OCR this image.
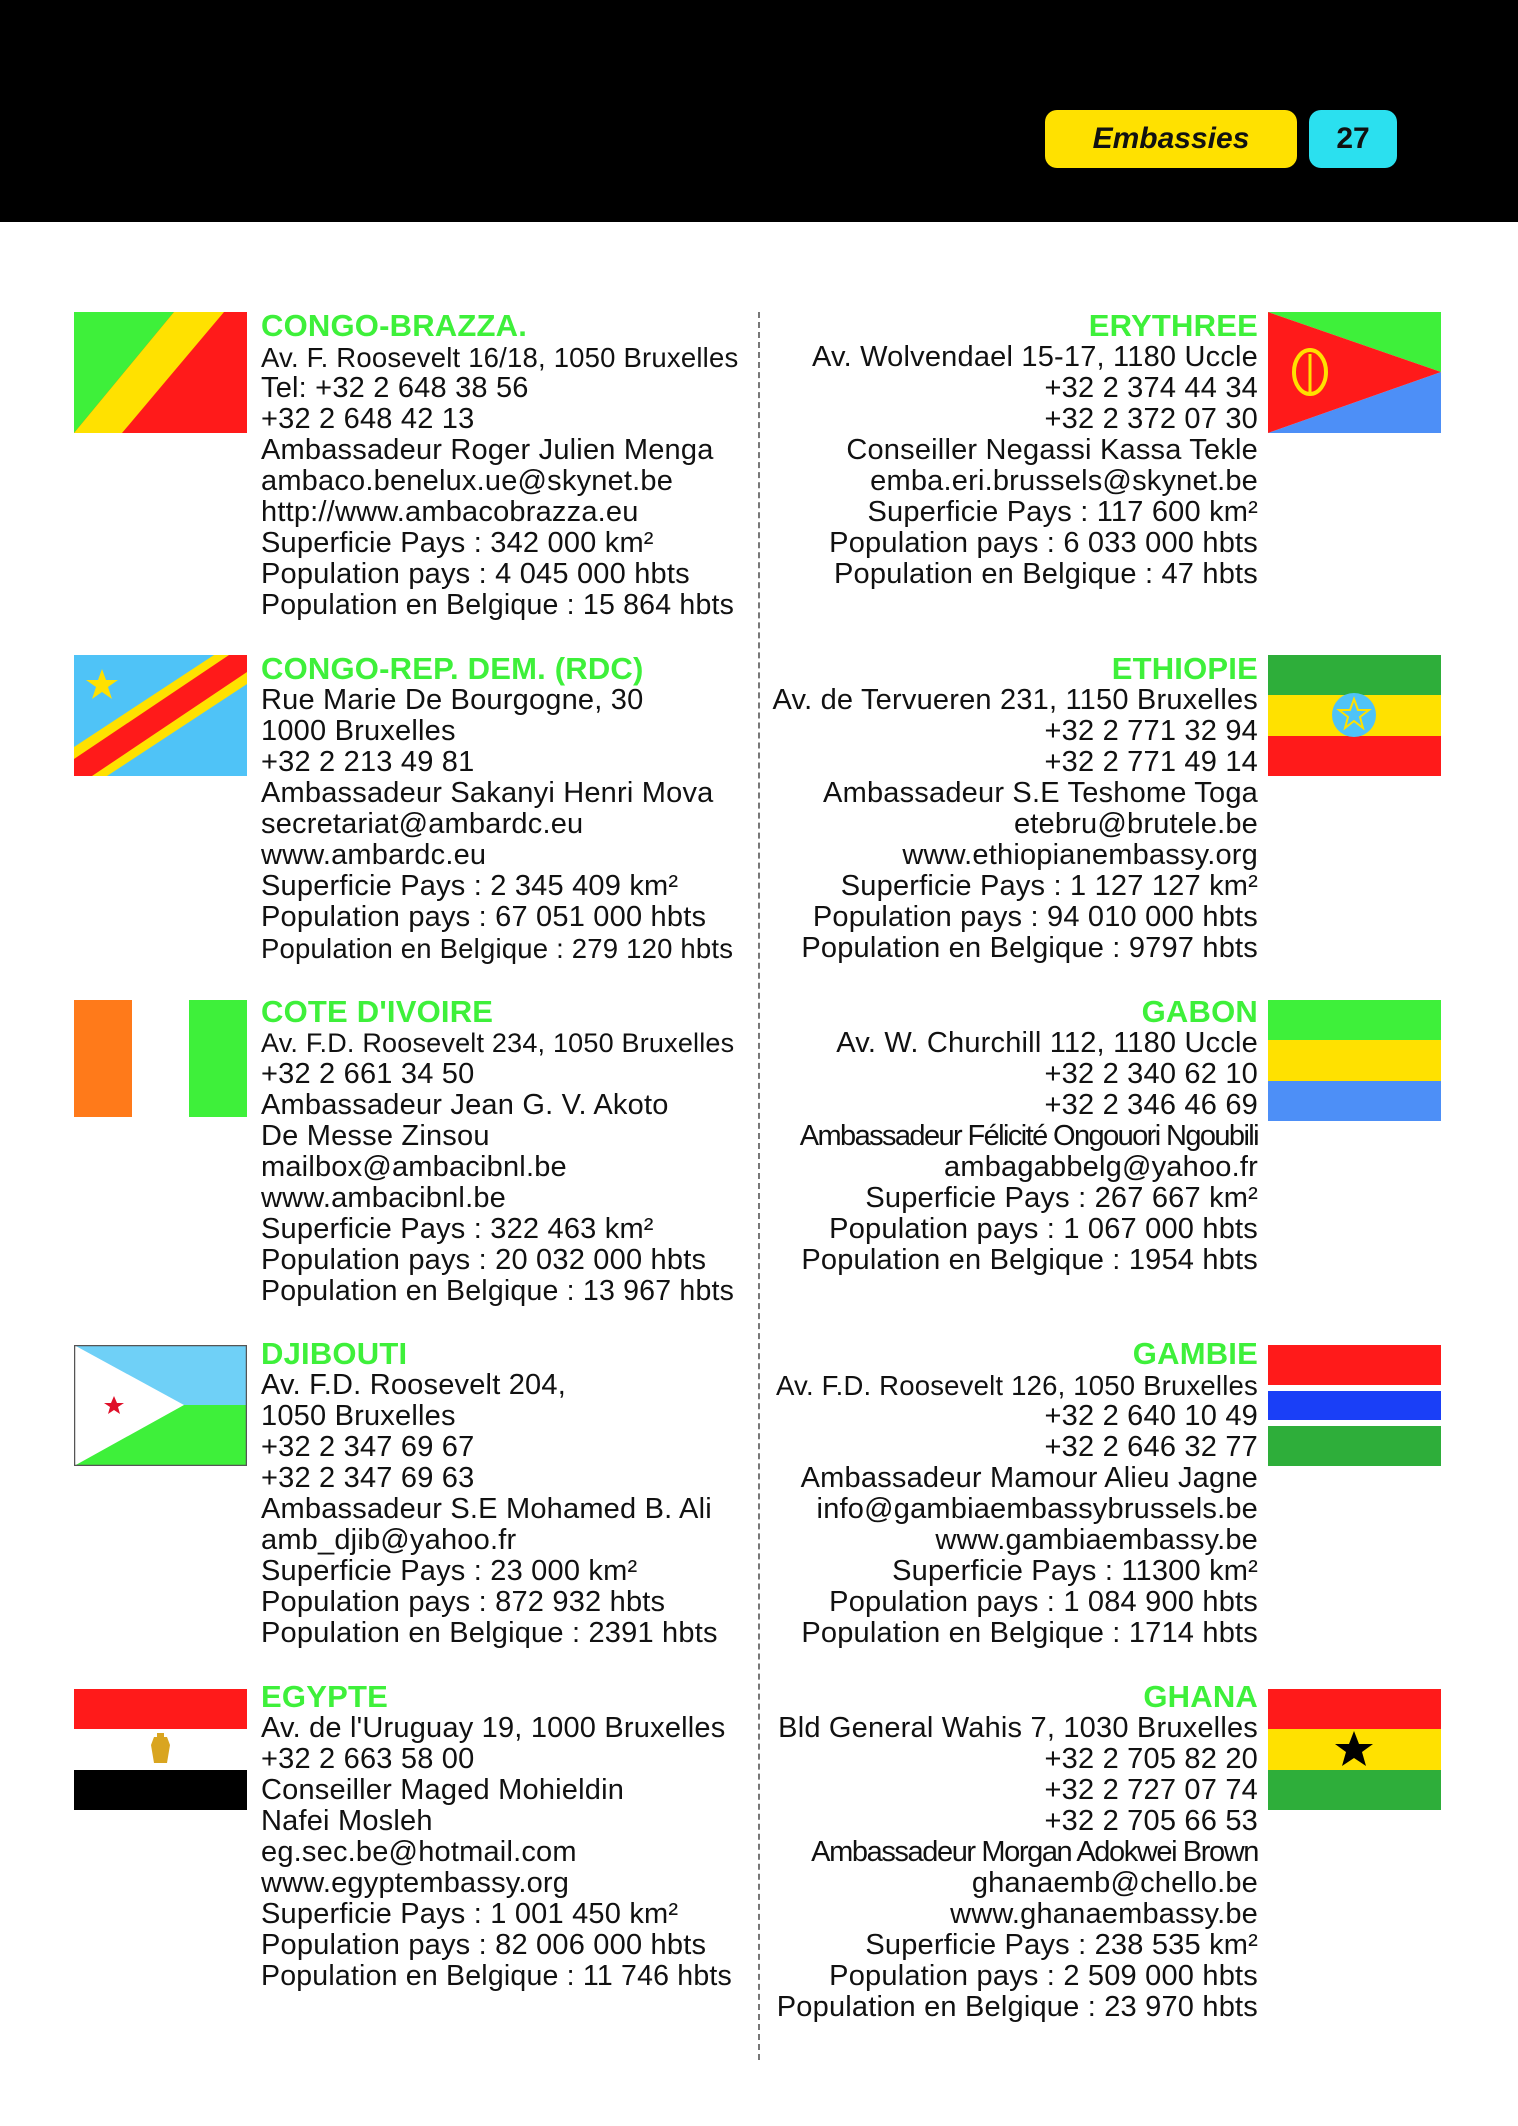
Embassies	27
CONGO-BRAZZA.
Av. F. Roosevelt 16/18, 1050 Bruxelles
Tel: +32 2 648 38 56
+32 2 648 42 13
Ambassadeur Roger Julien Menga
ambaco.benelux.ue@skynet.be
http://www.ambacobrazza.eu
Superficie Pays : 342 000 km²
Population pays : 4 045 000 hbts
Population en Belgique : 15 864 hbts
CONGO-REP. DEM. (RDC)
Rue Marie De Bourgogne, 30
1000 Bruxelles
+32 2 213 49 81
Ambassadeur Sakanyi Henri Mova
secretariat@ambardc.eu
www.ambardc.eu
Superficie Pays : 2 345 409 km²
Population pays : 67 051 000 hbts
Population en Belgique : 279 120 hbts
COTE D'IVOIRE
Av. F.D. Roosevelt 234, 1050 Bruxelles
+32 2 661 34 50
Ambassadeur Jean G. V. Akoto
De Messe Zinsou
mailbox@ambacibnl.be
www.ambacibnl.be
Superficie Pays : 322 463 km²
Population pays : 20 032 000 hbts
Population en Belgique : 13 967 hbts
DJIBOUTI
Av. F.D. Roosevelt 204,
1050 Bruxelles
+32 2 347 69 67
+32 2 347 69 63
Ambassadeur S.E Mohamed B. Ali
amb_djib@yahoo.fr
Superficie Pays : 23 000 km²
Population pays : 872 932 hbts
Population en Belgique : 2391 hbts
EGYPTE
Av. de l'Uruguay 19, 1000 Bruxelles
+32 2 663 58 00
Conseiller Maged Mohieldin
Nafei Mosleh
eg.sec.be@hotmail.com
www.egyptembassy.org
Superficie Pays : 1 001 450 km²
Population pays : 82 006 000 hbts
Population en Belgique : 11 746 hbts
ERYTHREE
Av. Wolvendael 15-17, 1180 Uccle
+32 2 374 44 34
+32 2 372 07 30
Conseiller Negassi Kassa Tekle
emba.eri.brussels@skynet.be
Superficie Pays : 117 600 km²
Population pays : 6 033 000 hbts
Population en Belgique : 47 hbts
ETHIOPIE
Av. de Tervueren 231, 1150 Bruxelles
+32 2 771 32 94
+32 2 771 49 14
Ambassadeur S.E Teshome Toga
etebru@brutele.be
www.ethiopianembassy.org
Superficie Pays : 1 127 127 km²
Population pays : 94 010 000 hbts
Population en Belgique : 9797 hbts
GABON
Av. W. Churchill 112, 1180 Uccle
+32 2 340 62 10
+32 2 346 46 69
Ambassadeur Félicité Ongouori Ngoubili
ambagabbelg@yahoo.fr
Superficie Pays : 267 667 km²
Population pays : 1 067 000 hbts
Population en Belgique : 1954 hbts
GAMBIE
Av. F.D. Roosevelt 126, 1050 Bruxelles
+32 2 640 10 49
+32 2 646 32 77
Ambassadeur Mamour Alieu Jagne
info@gambiaembassybrussels.be
www.gambiaembassy.be
Superficie Pays : 11300 km²
Population pays : 1 084 900 hbts
Population en Belgique : 1714 hbts
GHANA
Bld General Wahis 7, 1030 Bruxelles
+32 2 705 82 20
+32 2 727 07 74
+32 2 705 66 53
Ambassadeur Morgan Adokwei Brown
ghanaemb@chello.be
www.ghanaembassy.be
Superficie Pays : 238 535 km²
Population pays : 2 509 000 hbts
Population en Belgique : 23 970 hbts
